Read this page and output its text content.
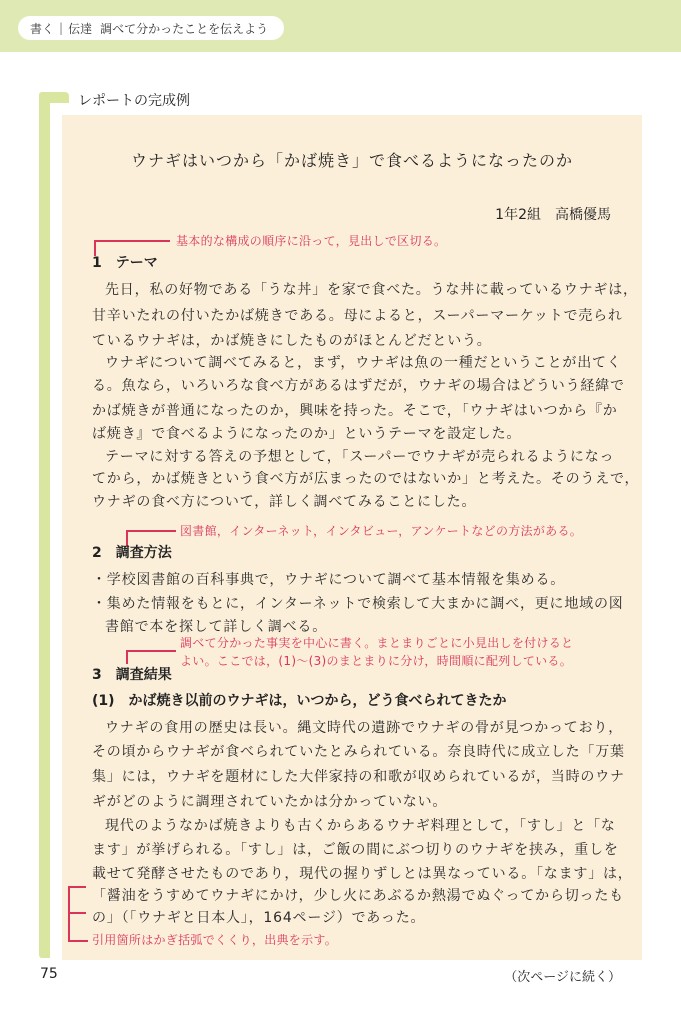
書く | 伝達 調べて分かったことを伝えよう
レポートの完成例
ウナギはいつから「かば焼き」で食べるようになったのか
1年2組　高橋優馬
基本的な構成の順序に沿って，見出しで区切る。
1　テーマ
先日，私の好物である「うな丼」を家で食べた。うな丼に載っているウナギは，
甘辛いたれの付いたかば焼きである。母によると，スーパーマーケットで売られ
ているウナギは，かば焼きにしたものがほとんどだという。
ウナギについて調べてみると，まず，ウナギは魚の一種だということが出てく
る。魚なら，いろいろな食べ方があるはずだが，ウナギの場合はどういう経緯で
かば焼きが普通になったのか，興味を持った。そこで，「ウナギはいつから『か
ば焼き』で食べるようになったのか」というテーマを設定した。
テーマに対する答えの予想として，「スーパーでウナギが売られるようになっ
てから，かば焼きという食べ方が広まったのではないか」と考えた。そのうえで，
ウナギの食べ方について，詳しく調べてみることにした。
図書館，インターネット，インタビュー，アンケートなどの方法がある。
2　調査方法
・学校図書館の百科事典で，ウナギについて調べて基本情報を集める。
・集めた情報をもとに，インターネットで検索して大まかに調べ，更に地域の図
書館で本を探して詳しく調べる。
調べて分かった事実を中心に書く。まとまりごとに小見出しを付けると
よい。ここでは，(1)～(3)のまとまりに分け，時間順に配列している。
3　調査結果
(1)　かば焼き以前のウナギは，いつから，どう食べられてきたか
ウナギの食用の歴史は長い。縄文時代の遺跡でウナギの骨が見つかっており，
その頃からウナギが食べられていたとみられている。奈良時代に成立した「万葉
集」には，ウナギを題材にした大伴家持の和歌が収められているが，当時のウナ
ギがどのように調理されていたかは分かっていない。
現代のようなかば焼きよりも古くからあるウナギ料理として，「すし」と「な
ます」が挙げられる。「すし」は，ご飯の間にぶつ切りのウナギを挟み，重しを
載せて発酵させたものであり，現代の握りずしとは異なっている。「なます」は，
「醤油をうすめてウナギにかけ，少し火にあぶるか熱湯でぬぐってから切ったも
の」（「ウナギと日本人」，164ページ）であった。
引用箇所はかぎ括弧でくくり，出典を示す。
75	（次ページに続く）
